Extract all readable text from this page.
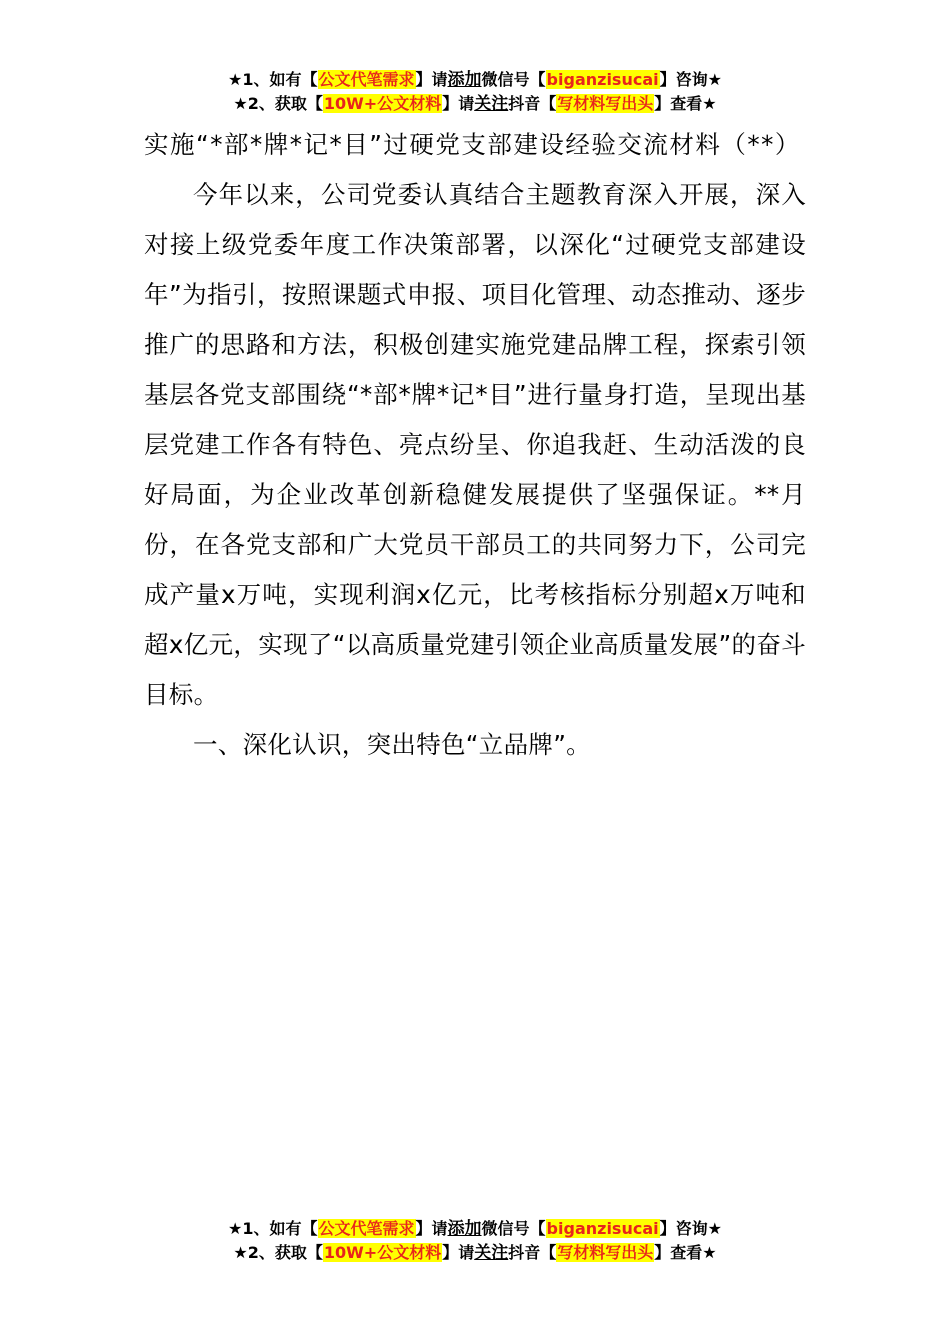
★1、如有【公文代笔需求】请添加微信号【biganzisucai】咨询★
★2、获取【10W+公文材料】请关注抖音【写材料写出头】查看★

实施“*部*牌*记*目”过硬党支部建设经验交流材料（**）

今年以来，公司党委认真结合主题教育深入开展，深入对接上级党委年度工作决策部署，以深化“过硬党支部建设年”为指引，按照课题式申报、项目化管理、动态推动、逐步推广的思路和方法，积极创建实施党建品牌工程，探索引领基层各党支部围绕“*部*牌*记*目”进行量身打造，呈现出基层党建工作各有特色、亮点纷呈、你追我赶、生动活泼的良好局面，为企业改革创新稳健发展提供了坚强保证。**月份，在各党支部和广大党员干部员工的共同努力下，公司完成产量x万吨，实现利润x亿元，比考核指标分别超x万吨和超x亿元，实现了“以高质量党建引领企业高质量发展”的奋斗目标。

一、深化认识，突出特色“立品牌”。

★1、如有【公文代笔需求】请添加微信号【biganzisucai】咨询★
★2、获取【10W+公文材料】请关注抖音【写材料写出头】查看★
